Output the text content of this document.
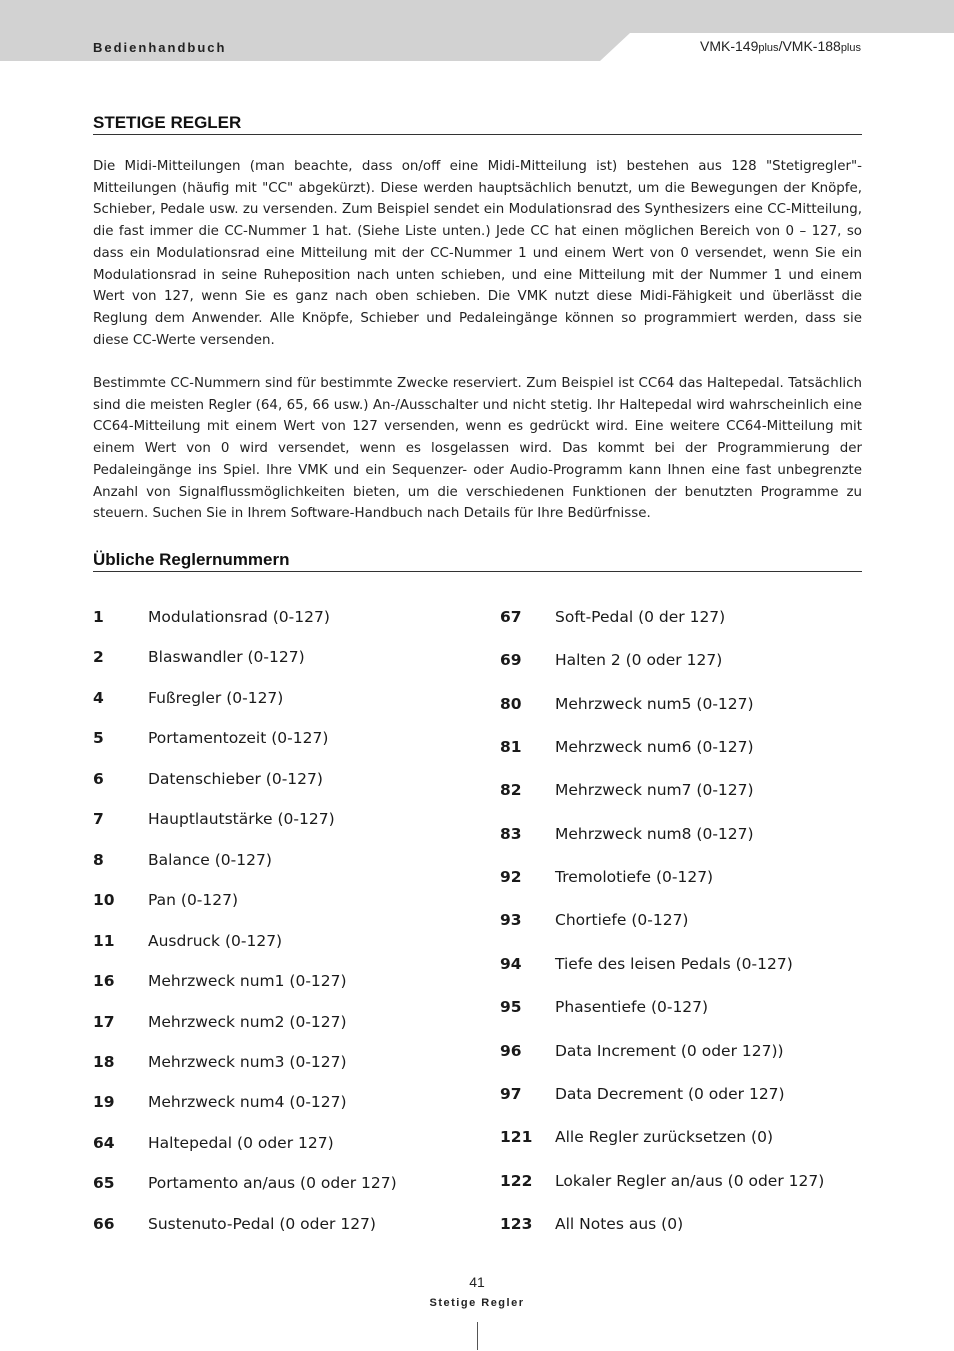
Bedienhandbuch	VMK-149plus/VMK-188plus
STETIGE REGLER

Die Midi-Mitteilungen (man beachte, dass on/off eine Midi-Mitteilung ist) bestehen aus 128 "Stetigregler"-Mitteilungen (häufig mit "CC" abgekürzt). Diese werden hauptsächlich benutzt, um die Bewegungen der Knöpfe, Schieber, Pedale usw. zu versenden. Zum Beispiel sendet ein Modulationsrad des Synthesizers eine CC-Mitteilung, die fast immer die CC-Nummer 1 hat. (Siehe Liste unten.) Jede CC hat einen möglichen Bereich von 0 – 127, so dass ein Modulationsrad eine Mitteilung mit der CC-Nummer 1 und einem Wert von 0 versendet, wenn Sie ein Modulationsrad in seine Ruheposition nach unten schieben, und eine Mitteilung mit der Nummer 1 und einem Wert von 127, wenn Sie es ganz nach oben schieben. Die VMK nutzt diese Midi-Fähigkeit und überlässt die Reglung dem Anwender. Alle Knöpfe, Schieber und Pedaleingänge können so programmiert werden, dass sie diese CC-Werte versenden.

Bestimmte CC-Nummern sind für bestimmte Zwecke reserviert. Zum Beispiel ist CC64 das Haltepedal. Tatsächlich sind die meisten Regler (64, 65, 66 usw.) An-/Ausschalter und nicht stetig. Ihr Haltepedal wird wahrscheinlich eine CC64-Mitteilung mit einem Wert von 127 versenden, wenn es gedrückt wird. Eine weitere CC64-Mitteilung mit einem Wert von 0 wird versendet, wenn es losgelassen wird. Das kommt bei der Programmierung der Pedaleingänge ins Spiel. Ihre VMK und ein Sequenzer- oder Audio-Programm kann Ihnen eine fast unbegrenzte Anzahl von Signalflussmöglichkeiten bieten, um die verschiedenen Funktionen der benutzten Programme zu steuern. Suchen Sie in Ihrem Software-Handbuch nach Details für Ihre Bedürfnisse.

Übliche Reglernummern
1	Modulationsrad (0-127)
2	Blaswandler (0-127)
4	Fußregler (0-127)
5	Portamentozeit (0-127)
6	Datenschieber (0-127)
7	Hauptlautstärke (0-127)
8	Balance (0-127)
10	Pan (0-127)
11	Ausdruck (0-127)
16	Mehrzweck num1 (0-127)
17	Mehrzweck num2 (0-127)
18	Mehrzweck num3 (0-127)
19	Mehrzweck num4 (0-127)
64	Haltepedal (0 oder 127)
65	Portamento an/aus (0 oder 127)
66	Sustenuto-Pedal (0 oder 127)
67	Soft-Pedal (0 der 127)
69	Halten 2 (0 oder 127)
80	Mehrzweck num5 (0-127)
81	Mehrzweck num6 (0-127)
82	Mehrzweck num7 (0-127)
83	Mehrzweck num8 (0-127)
92	Tremolotiefe (0-127)
93	Chortiefe (0-127)
94	Tiefe des leisen Pedals (0-127)
95	Phasentiefe (0-127)
96	Data Increment (0 oder 127))
97	Data Decrement (0 oder 127)
121	Alle Regler zurücksetzen (0)
122	Lokaler Regler an/aus (0 oder 127)
123	All Notes aus (0)
41
Stetige Regler
